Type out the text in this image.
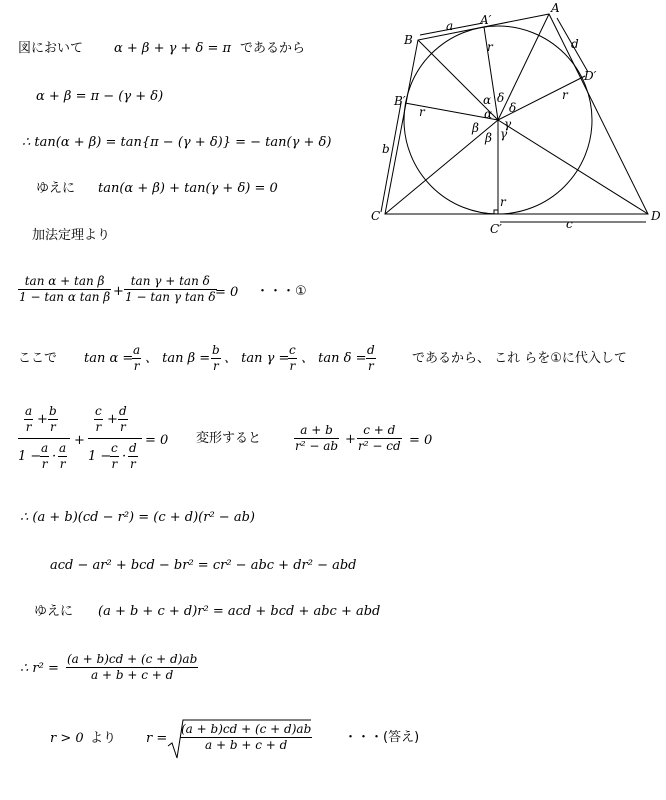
A
B
C	D
A′
B′
C′
D′
a
b
c
d
r
r
r
r
α δ
δ
α
β
β
γ
γ
図において α + β + γ + δ = π であるから
α + β = π − (γ + δ)
∴ tan(α + β) = tan{π − (γ + δ)} = − tan(γ + δ)
ゆえに tan(α + β) + tan(γ + δ) = 0
加法定理より
$\frac{\text{tan α + tan β}}{\text{1 − tan α tan β}} + \frac{\text{tan γ + tan δ}}{\text{1 − tan γ tan δ}}$
= 0 ・・・①
ここで tan α =
$\frac{a}{r}$ 、 $\tan \beta = \frac{b}{r}$ 、 tan γ =
$\frac{c}{r}$ 、 $\tan \delta = \frac{d}{r}$	であるから、 これ らを①に代入して
$\frac{a}{r} + \frac{b}{r}$
1 −
$\frac{a}{r} \cdot \frac{a}{r}$
+
$\frac{c}{r} + \frac{d}{r}$
1 −
$\frac{c}{r} \cdot \frac{d}{r}$
= 0 変形すると	$\frac{a + b}{\text{r² − ab}} + \frac{c + d}{\text{r² − cd}} = 0$
∴ (a + b)(cd − r²) = (c + d)(r² − ab)
acd − ar² + bcd − br² = cr² − abc + dr² − abd
ゆえに (a + b + c + d)r² = acd + bcd + abc + abd
∴ $r^2 = \frac{(a + b)cd + (c + d)ab}{a + b + c + d}$
r > 0 より $r = \frac{(a + b)cd + (c + d)ab}{a + b + c + d}$ ・・・(答え)
